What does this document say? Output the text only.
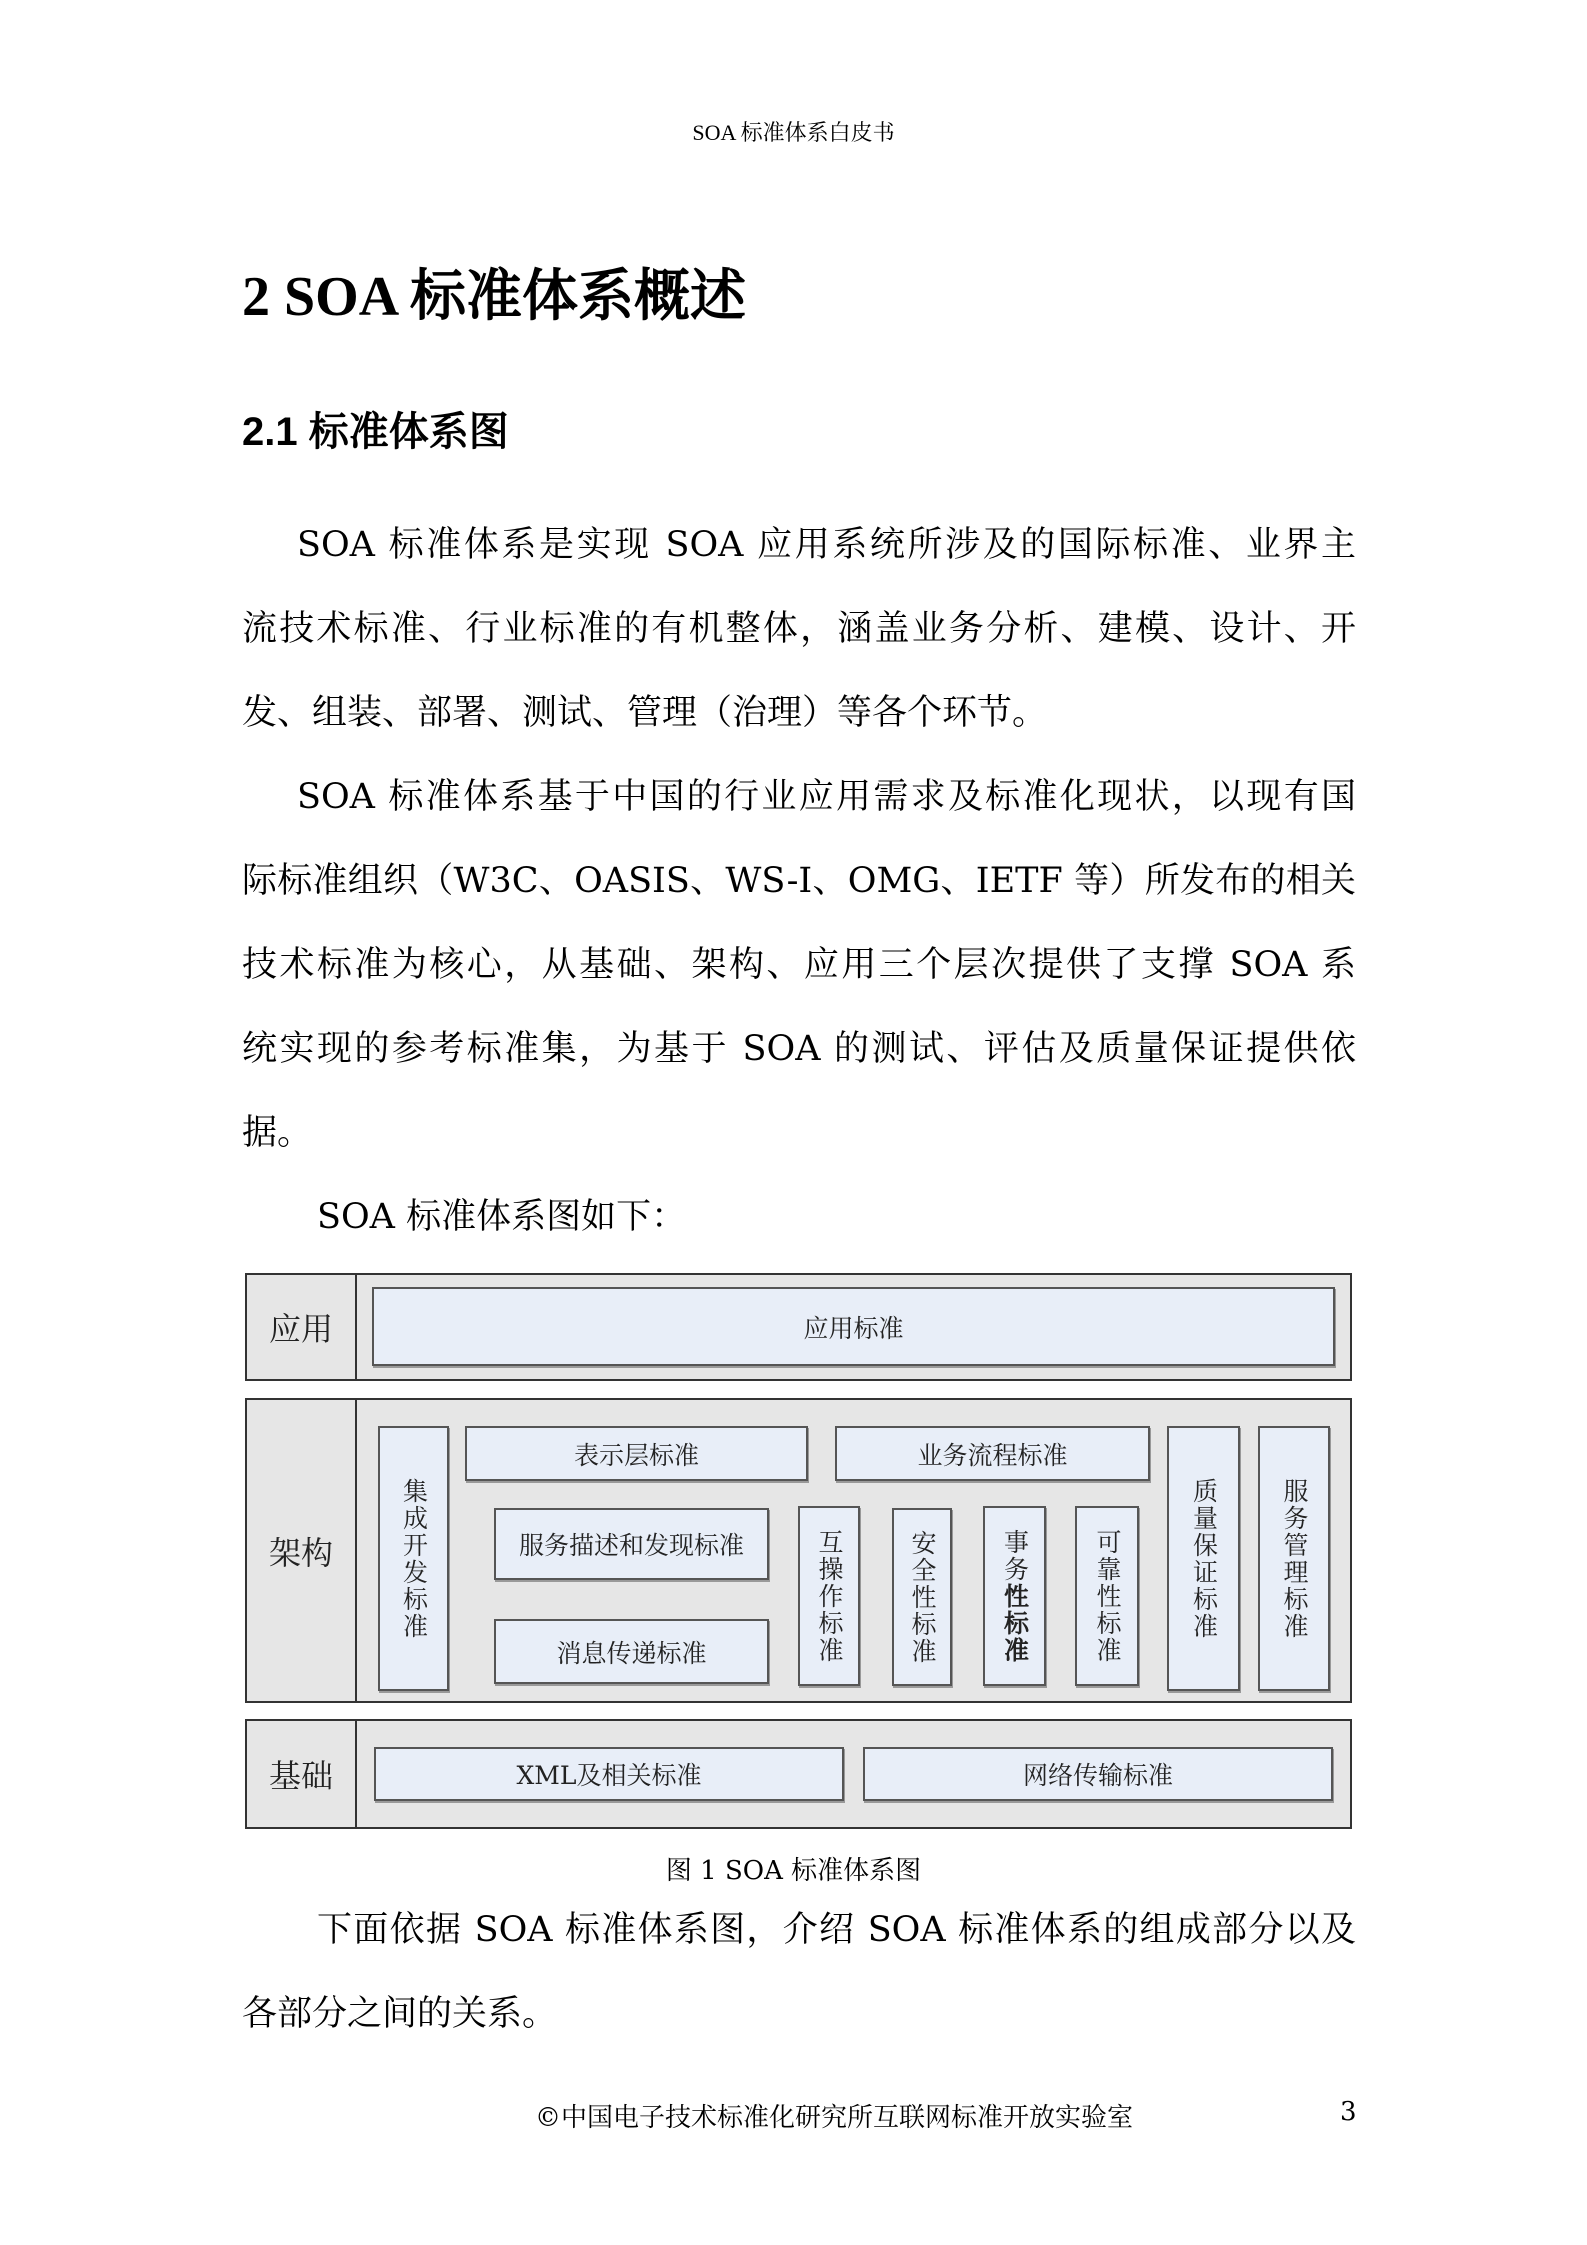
SOA 标准体系白皮书
2 SOA 标准体系概述
2.1 标准体系图
SOA 标准体系是实现 SOA 应用系统所涉及的国际标准、业界主
流技术标准、行业标准的有机整体，涵盖业务分析、建模、设计、开
发、组装、部署、测试、管理（治理）等各个环节。
SOA 标准体系基于中国的行业应用需求及标准化现状，以现有国
际标准组织（W3C、OASIS、WS-I、OMG、IETF 等）所发布的相关
技术标准为核心，从基础、架构、应用三个层次提供了支撑 SOA 系
统实现的参考标准集，为基于 SOA 的测试、评估及质量保证提供依
据。
SOA 标准体系图如下：
应用	应用标准
架构	集成开发标准
表示层标准	业务流程标准
服务描述和发现标准
消息传递标准	互操作标准	安全性标准	事务性标准	可靠性标准	质量保证标准 服务管理标准
基础	XML及相关标准	网络传输标准
图 1 SOA 标准体系图
下面依据 SOA 标准体系图，介绍 SOA 标准体系的组成部分以及
各部分之间的关系。
©中国电子技术标准化研究所互联网标准开放实验室	3
